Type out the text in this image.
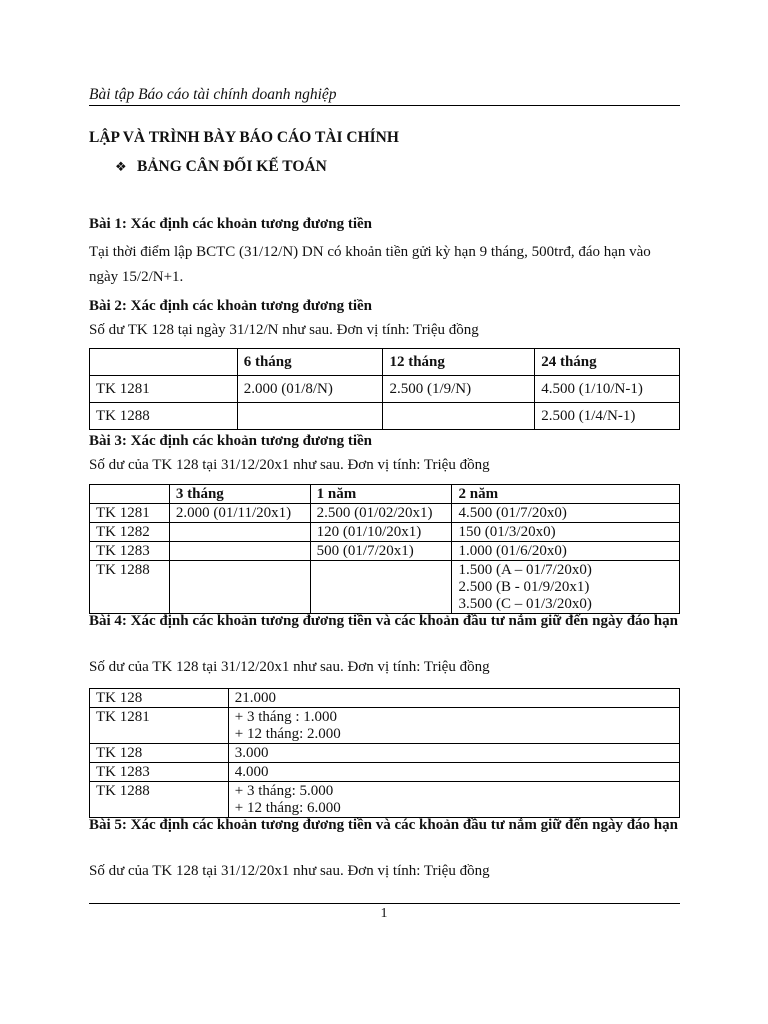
Bài tập Báo cáo tài chính doanh nghiệp
LẬP VÀ TRÌNH BÀY BÁO CÁO TÀI CHÍNH
❖ BẢNG CÂN ĐỐI KẾ TOÁN
Bài 1: Xác định các khoản tương đương tiền
Tại thời điểm lập BCTC (31/12/N) DN có khoản tiền gửi kỳ hạn 9 tháng, 500trđ, đáo hạn vào ngày 15/2/N+1.
Bài 2: Xác định các khoản tương đương tiền
Số dư TK 128 tại ngày 31/12/N như sau. Đơn vị tính: Triệu đồng
	6 tháng	12 tháng	24 tháng
TK 1281	2.000 (01/8/N)	2.500 (1/9/N)	4.500 (1/10/N-1)
TK 1288			2.500 (1/4/N-1)
Bài 3: Xác định các khoản tương đương tiền
Số dư của TK 128 tại 31/12/20x1 như sau. Đơn vị tính: Triệu đồng
	3 tháng	1 năm	2 năm
TK 1281	2.000 (01/11/20x1)	2.500 (01/02/20x1)	4.500 (01/7/20x0)
TK 1282		120 (01/10/20x1)	150 (01/3/20x0)
TK 1283		500 (01/7/20x1)	1.000 (01/6/20x0)
TK 1288			1.500 (A – 01/7/20x0)
2.500 (B - 01/9/20x1)
3.500 (C – 01/3/20x0)
Bài 4: Xác định các khoản tương đương tiền và các khoản đầu tư nắm giữ đến ngày đáo hạn
Số dư của TK 128 tại 31/12/20x1 như sau. Đơn vị tính: Triệu đồng
TK 128	21.000

TK 1281	+ 3 tháng : 1.000
+ 12 tháng: 2.000

TK 128	3.000

TK 1283	4.000

TK 1288	+ 3 tháng: 5.000
+ 12 tháng: 6.000
Bài 5: Xác định các khoản tương đương tiền và các khoản đầu tư nắm giữ đến ngày đáo hạn
Số dư của TK 128 tại 31/12/20x1 như sau. Đơn vị tính: Triệu đồng
1
